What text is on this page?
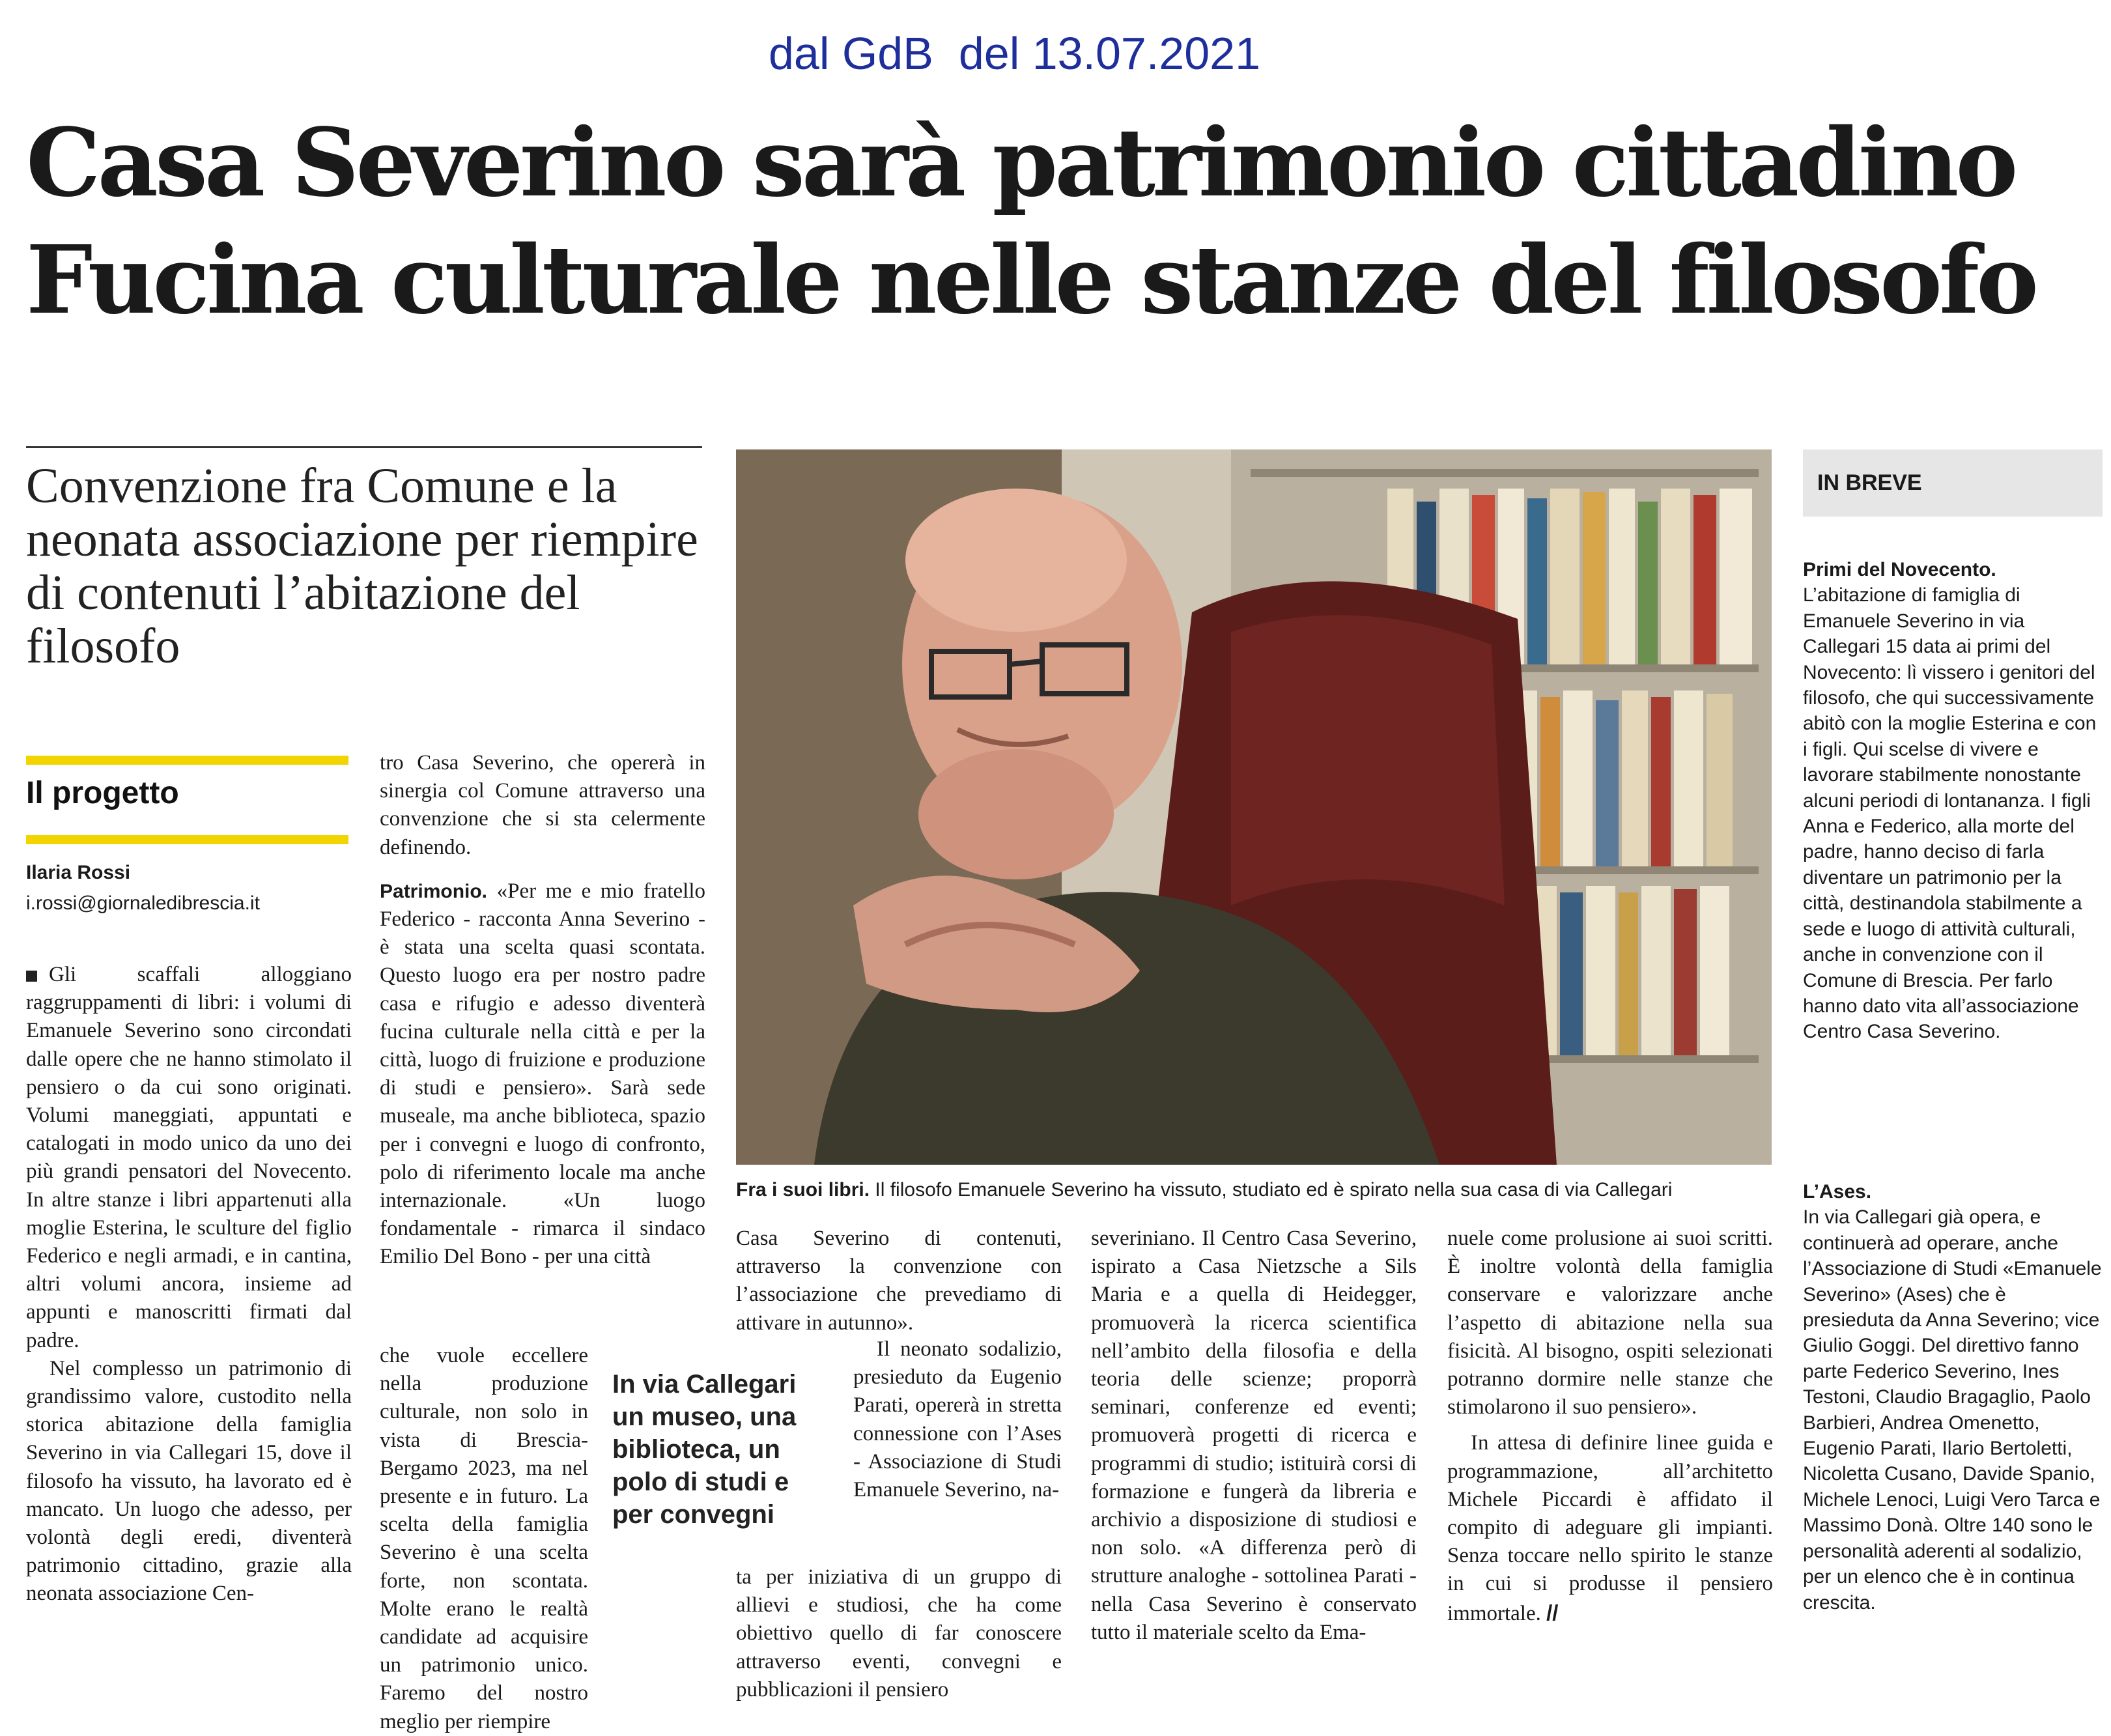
dal GdB  del 13.07.2021
Casa Severino sarà patrimonio cittadino
Fucina culturale nelle stanze del filosofo
Convenzione fra Comune e la neonata associazione per riempire di contenuti l’abitazione del filosofo
Il progetto
Ilaria Rossi
i.rossi@giornaledibrescia.it

Gli scaffali alloggiano raggruppamenti di libri: i volumi di Emanuele Severino sono circondati dalle opere che ne hanno stimolato il pensiero o da cui sono originati. Volumi maneggiati, appuntati e catalogati in modo unico da uno dei più grandi pensatori del Novecento. In altre stanze i libri appartenuti alla moglie Esterina, le sculture del figlio Federico e negli armadi, e in cantina, altri volumi ancora, insieme ad appunti e manoscritti firmati dal padre.

Nel complesso un patrimonio di grandissimo valore, custodito nella storica abitazione della famiglia Severino in via Callegari 15, dove il filosofo ha vissuto, ha lavorato ed è mancato. Un luogo che adesso, per volontà degli eredi, diventerà patrimonio cittadino, grazie alla neonata associazione Cen-

tro Casa Severino, che opererà in sinergia col Comune attraverso una convenzione che si sta celermente definendo.

Patrimonio. «Per me e mio fratello Federico - racconta Anna Severino - è stata una scelta quasi scontata. Questo luogo era per nostro padre casa e rifugio e adesso diventerà fucina culturale nella città e per la città, luogo di fruizione e produzione di studi e pensiero». Sarà sede museale, ma anche biblioteca, spazio per i convegni e luogo di confronto, polo di riferimento locale ma anche internazionale. «Un luogo fondamentale - rimarca il sindaco Emilio Del Bono - per una città

che vuole eccellere nella produzione culturale, non solo in vista di Brescia-Bergamo 2023, ma nel presente e in futuro. La scelta della famiglia Severino è una scelta forte, non scontata. Molte erano le realtà candidate ad acquisire un patrimonio unico. Faremo del nostro meglio per riempire

Fra i suoi libri. Il filosofo Emanuele Severino ha vissuto, studiato ed è spirato nella sua casa di via Callegari
In via Callegari un museo, una biblioteca, un polo di studi e per convegni

Casa Severino di contenuti, attraverso la convenzione con l’associazione che prevediamo di attivare in autunno».

Il neonato sodalizio, presieduto da Eugenio Parati, opererà in stretta connessione con l’Ases - Associazione di Studi Emanuele Severino, na-

ta per iniziativa di un gruppo di allievi e studiosi, che ha come obiettivo quello di far conoscere attraverso eventi, convegni e pubblicazioni il pensiero

severiniano. Il Centro Casa Severino, ispirato a Casa Nietzsche a Sils Maria e a quella di Heidegger, promuoverà la ricerca scientifica nell’ambito della filosofia e della teoria delle scienze; proporrà seminari, conferenze ed eventi; promuoverà progetti di ricerca e programmi di studio; istituirà corsi di formazione e fungerà da libreria e archivio a disposizione di studiosi e non solo. «A differenza però di strutture analoghe - sottolinea Parati - nella Casa Severino è conservato tutto il materiale scelto da Ema-

nuele come prolusione ai suoi scritti. È inoltre volontà della famiglia conservare e valorizzare anche l’aspetto di abitazione nella sua fisicità. Al bisogno, ospiti selezionati potranno dormire nelle stanze che stimolarono il suo pensiero».

In attesa di definire linee guida e programmazione, all’architetto Michele Piccardi è affidato il compito di adeguare gli impianti. Senza toccare nello spirito le stanze in cui si produsse il pensiero immortale. //

IN BREVE
Primi del Novecento.
L’abitazione di famiglia di Emanuele Severino in via Callegari 15 data ai primi del Novecento: lì vissero i genitori del filosofo, che qui successivamente abitò con la moglie Esterina e con i figli. Qui scelse di vivere e lavorare stabilmente nonostante alcuni periodi di lontananza. I figli Anna e Federico, alla morte del padre, hanno deciso di farla diventare un patrimonio per la città, destinandola stabilmente a sede e luogo di attività culturali, anche in convenzione con il Comune di Brescia. Per farlo hanno dato vita all’associazione Centro Casa Severino.
L’Ases.
In via Callegari già opera, e continuerà ad operare, anche l’Associazione di Studi «Emanuele Severino» (Ases) che è presieduta da Anna Severino; vice Giulio Goggi. Del direttivo fanno parte Federico Severino, Ines Testoni, Claudio Bragaglio, Paolo Barbieri, Andrea Omenetto, Eugenio Parati, Ilario Bertoletti, Nicoletta Cusano, Davide Spanio, Michele Lenoci, Luigi Vero Tarca e Massimo Donà. Oltre 140 sono le personalità aderenti al sodalizio, per un elenco che è in continua crescita.
